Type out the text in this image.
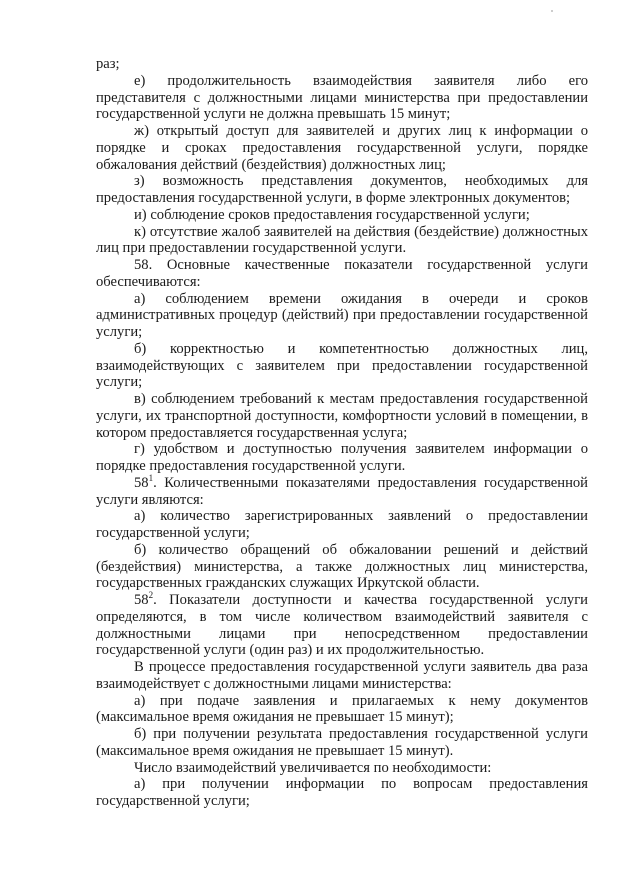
раз;

е) продолжительность взаимодействия заявителя либо его представителя с должностными лицами министерства при предоставлении государственной услуги не должна превышать 15 минут;

ж) открытый доступ для заявителей и других лиц к информации о порядке и сроках предоставления государственной услуги, порядке обжалования действий (бездействия) должностных лиц;

з) возможность представления документов, необходимых для предоставления государственной услуги, в форме электронных документов;

и) соблюдение сроков предоставления государственной услуги;

к) отсутствие жалоб заявителей на действия (бездействие) должностных лиц при предоставлении государственной услуги.

58. Основные качественные показатели государственной услуги обеспечиваются:

а) соблюдением времени ожидания в очереди и сроков административных процедур (действий) при предоставлении государственной услуги;

б) корректностью и компетентностью должностных лиц, взаимодействующих с заявителем при предоставлении государственной услуги;

в) соблюдением требований к местам предоставления государственной услуги, их транспортной доступности, комфортности условий в помещении, в котором предоставляется государственная услуга;

г) удобством и доступностью получения заявителем информации о порядке предоставления государственной услуги.

$58^1$. Количественными показателями предоставления государственной услуги являются:

а) количество зарегистрированных заявлений о предоставлении государственной услуги;

б) количество обращений об обжаловании решений и действий (бездействия) министерства, а также должностных лиц министерства, государственных гражданских служащих Иркутской области.

$58^2$. Показатели доступности и качества государственной услуги определяются, в том числе количеством взаимодействий заявителя с должностными лицами при непосредственном предоставлении государственной услуги (один раз) и их продолжительностью.

В процессе предоставления государственной услуги заявитель два раза взаимодействует с должностными лицами министерства:

а) при подаче заявления и прилагаемых к нему документов (максимальное время ожидания не превышает 15 минут);

б) при получении результата предоставления государственной услуги (максимальное время ожидания не превышает 15 минут).

Число взаимодействий увеличивается по необходимости:

а) при получении информации по вопросам предоставления государственной услуги;
